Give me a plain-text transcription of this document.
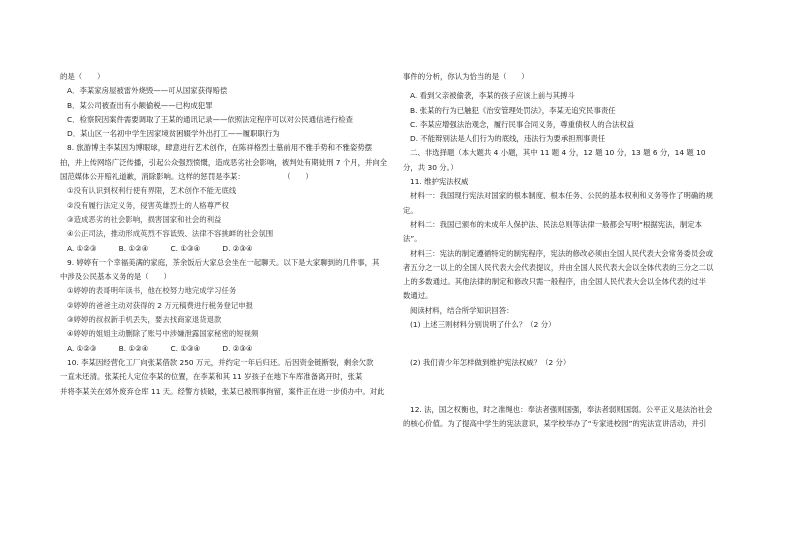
的是（　　）
A．李某家房屋被雷外烧毁——可从国家获得赔偿
B．某公司被查出有小额偷税——已构成犯罪
C．检察院因案件需要调取了王某的通讯记录——依照法定程序可以对公民通信进行检查
D．某山区一名初中学生因家境贫困辍学外出打工——履职职行为
8. 旅游博主李某因为博眼球，肆意进行艺术创作，在陈祥格烈士墓前用不雅手势和不雅姿势摆
拍，并上传网络广泛传播，引起公众强烈愤慨，造成恶劣社会影响，被判处有期徒刑 7 个月，并向全
国范媒体公开赔礼道歉，消除影响。这样的惩罚是李某：	（　　）
①没有认识到权利行使有界限，艺术创作不能无底线
②没有履行法定义务，侵害英雄烈士的人格尊严权
③造成恶劣的社会影响，损害国家和社会的利益
④公正司法，推动形成英烈不容诋毁、法律不容挑衅的社会氛围
A. ①②③　　　B. ①②④　　　C. ①③④　　　D. ②③④
9. 婷婷有一个幸福美满的家庭，茶余饭后大家总会坐在一起聊天。以下是大家聊到的几件事，其
中涉及公民基本义务的是（　　）
①婷婷的表哥明年读书，他在校努力地完成学习任务
②婷婷的爸爸主动对获得的 2 万元稿费进行税务登记申报
③婷婷的叔叔新手机丢失，要去找商家退货退款
④婷婷的姐姐主动删除了账号中涉嫌泄露国家秘密的短视频
A. ①②③　　　B. ①②④　　　C. ①③④　　　D. ②③④
10. 李某因经营化工厂向张某借款 250 万元，并约定一年后归还。后因资金链断裂，剩余欠款
一直未还清。张某托人定位李某的位置，在李某和其 11 岁孩子在地下车库准备离开时，张某
并将李某关在郊外废弃仓库 11 天。经警方侦破，张某已被刑事拘留，案件正在进一步侦办中。对此
事件的分析，你认为恰当的是（　　）
A. 看到父亲被偷袭，李某的孩子应该上前与其搏斗
B. 张某的行为已触犯《治安管理处罚法》，李某无追究民事责任
C. 李某应增强法治观念，履行民事合同义务，尊重债权人的合法权益
D. 不能辩别法是人们行为的底线，违法行为要承担刑事责任
二、非选择题（本大题共 4 小题，其中 11 题 4 分，12 题 10 分，13 题 6 分，14 题 10
分，共 30 分。）
11. 维护宪法权威
材料一：我国现行宪法对国家的根本制度、根本任务、公民的基本权利和义务等作了明确的规
定。
材料二：我国已颁布的未成年人保护法、民法总则等法律一般都会写明“根据宪法，制定本
法”。
材料三：宪法的制定遵循特定的制宪程序，宪法的修改必须由全国人民代表大会常务委员会或
者五分之一以上的全国人民代表大会代表提议，并由全国人民代表大会以全体代表的三分之二以
上的多数通过。其他法律的制定和修改只需一般程序，由全国人民代表大会以全体代表的过半
数通过。
阅读材料，结合所学知识回答：
(1) 上述三则材料分别说明了什么？（2 分）
(2) 我们青少年怎样做到维护宪法权威？（2 分）
12. 法，国之权衡也，时之准绳也：奉法者强则国强，奉法者弱则国弱。公平正义是法治社会
的核心价值。为了提高中学生的宪法意识，某学校举办了“专家进校园”的宪法宣讲活动，并引
